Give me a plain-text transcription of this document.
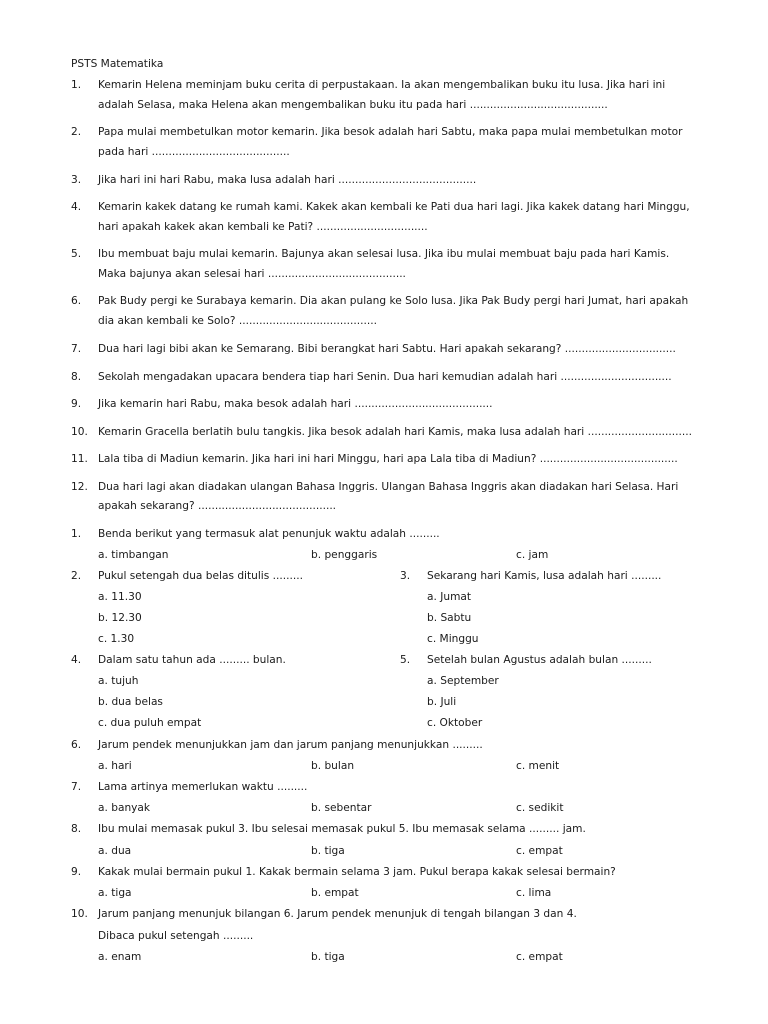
PSTS Matematika
1. Kemarin Helena meminjam buku cerita di perpustakaan. Ia akan mengembalikan buku itu lusa. Jika hari ini
adalah Selasa, maka Helena akan mengembalikan buku itu pada hari .........................................
2. Papa mulai membetulkan motor kemarin. Jika besok adalah hari Sabtu, maka papa mulai membetulkan motor
pada hari .........................................
3. Jika hari ini hari Rabu, maka lusa adalah hari .........................................
4. Kemarin kakek datang ke rumah kami. Kakek akan kembali ke Pati dua hari lagi. Jika kakek datang hari Minggu,
hari apakah kakek akan kembali ke Pati? .................................
5. Ibu membuat baju mulai kemarin. Bajunya akan selesai lusa. Jika ibu mulai membuat baju pada hari Kamis.
Maka bajunya akan selesai hari .........................................
6. Pak Budy pergi ke Surabaya kemarin. Dia akan pulang ke Solo lusa. Jika Pak Budy pergi hari Jumat, hari apakah
dia akan kembali ke Solo? .........................................
7. Dua hari lagi bibi akan ke Semarang. Bibi berangkat hari Sabtu. Hari apakah sekarang? .................................
8. Sekolah mengadakan upacara bendera tiap hari Senin. Dua hari kemudian adalah hari .................................
9. Jika kemarin hari Rabu, maka besok adalah hari .........................................
10. Kemarin Gracella berlatih bulu tangkis. Jika besok adalah hari Kamis, maka lusa adalah hari ...............................
11. Lala tiba di Madiun kemarin. Jika hari ini hari Minggu, hari apa Lala tiba di Madiun? .........................................
12. Dua hari lagi akan diadakan ulangan Bahasa Inggris. Ulangan Bahasa Inggris akan diadakan hari Selasa. Hari
apakah sekarang? .........................................
1. Benda berikut yang termasuk alat penunjuk waktu adalah .........
a. timbangan	b. penggaris	c. jam
2. Pukul setengah dua belas ditulis .........
a. 11.30
b. 12.30
c. 1.30
3. Sekarang hari Kamis, lusa adalah hari .........
a. Jumat
b. Sabtu
c. Minggu
4. Dalam satu tahun ada ......... bulan.
a. tujuh
b. dua belas
c. dua puluh empat
5. Setelah bulan Agustus adalah bulan .........
a. September
b. Juli
c. Oktober
6. Jarum pendek menunjukkan jam dan jarum panjang menunjukkan .........
a. hari	b. bulan	c. menit
7. Lama artinya memerlukan waktu .........
a. banyak	b. sebentar	c. sedikit
8. Ibu mulai memasak pukul 3. Ibu selesai memasak pukul 5. Ibu memasak selama ......... jam.
a. dua	b. tiga	c. empat
9. Kakak mulai bermain pukul 1. Kakak bermain selama 3 jam. Pukul berapa kakak selesai bermain?
a. tiga	b. empat	c. lima
10. Jarum panjang menunjuk bilangan 6. Jarum pendek menunjuk di tengah bilangan 3 dan 4.
Dibaca pukul setengah .........
a. enam	b. tiga	c. empat
